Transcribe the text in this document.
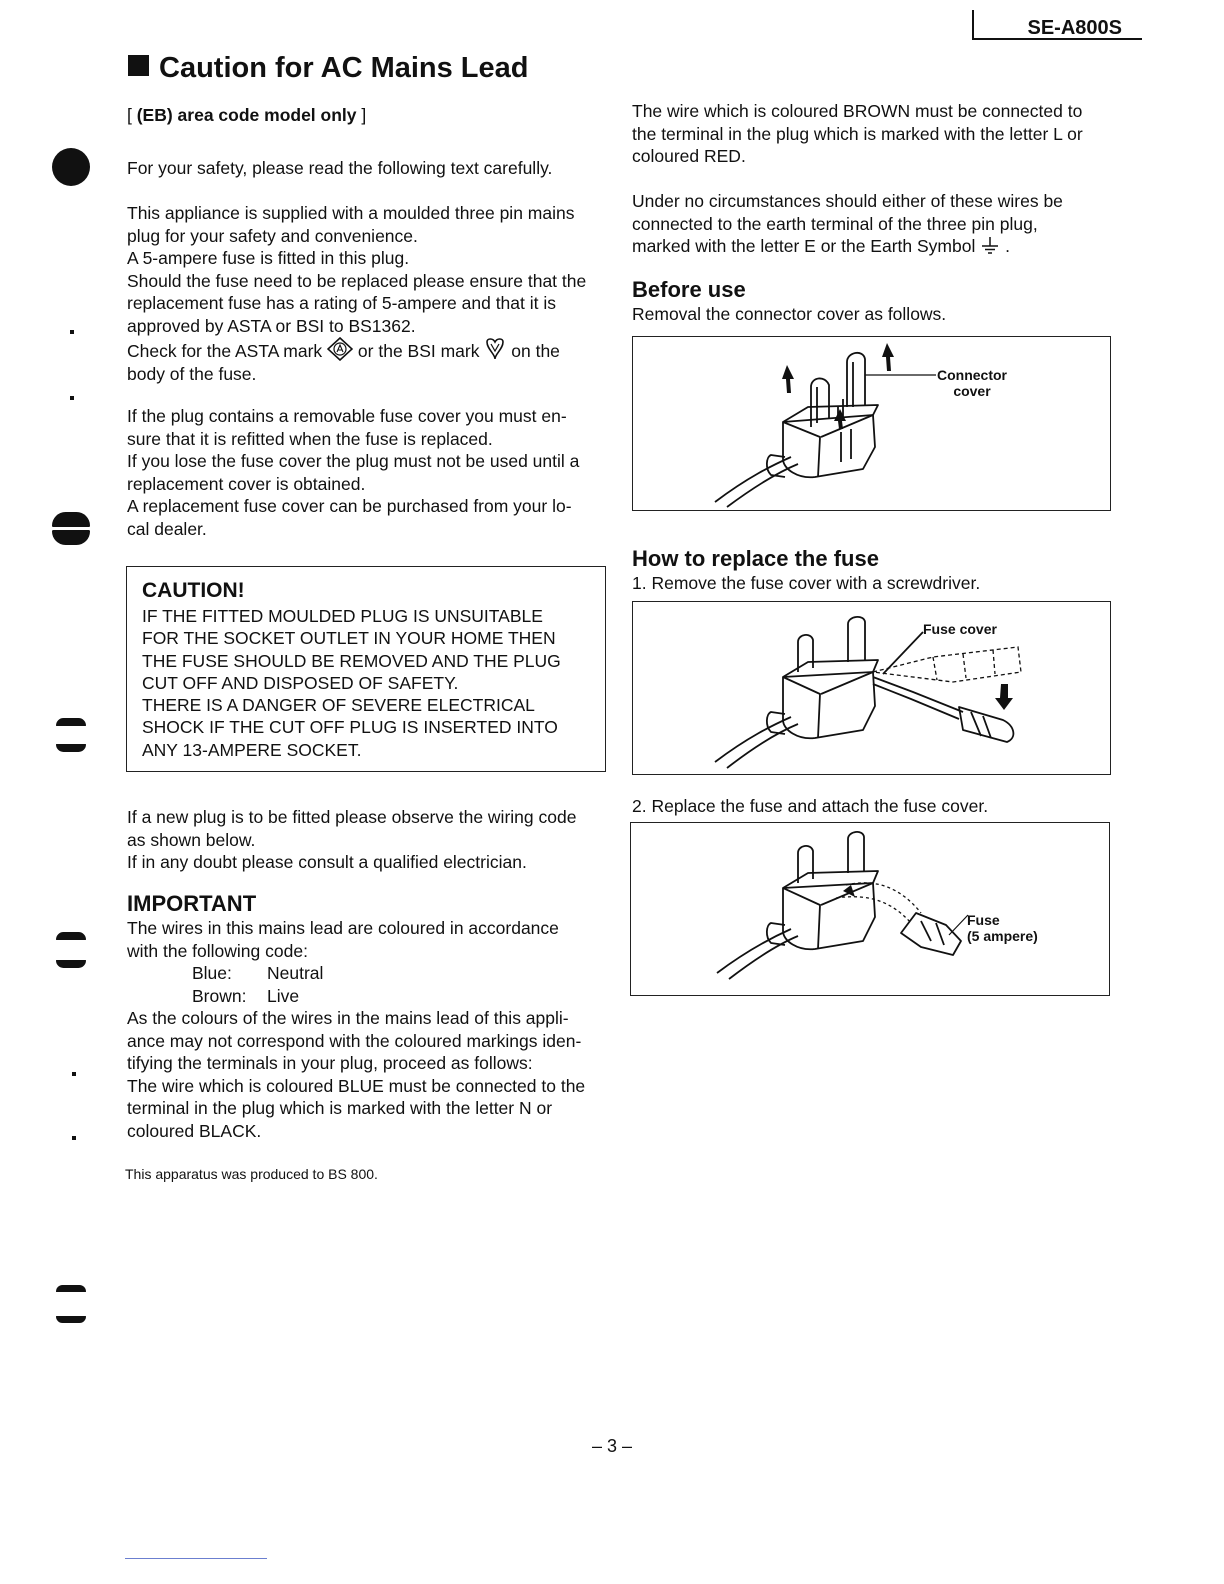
SE-A800S
Caution for AC Mains Lead
[ (EB) area code model only ]
For your safety, please read the following text carefully.
This appliance is supplied with a moulded three pin mains
plug for your safety and convenience.
A 5-ampere fuse is fitted in this plug.
Should the fuse need to be replaced please ensure that the
replacement fuse has a rating of 5-ampere and that it is
approved by ASTA or BSI to BS1362.
Check for the ASTA mark or the BSI mark on the
body of the fuse.
If the plug contains a removable fuse cover you must en-
sure that it is refitted when the fuse is replaced.
If you lose the fuse cover the plug must not be used until a
replacement cover is obtained.
A replacement fuse cover can be purchased from your lo-
cal dealer.
CAUTION!
IF THE FITTED MOULDED PLUG IS UNSUITABLE
FOR THE SOCKET OUTLET IN YOUR HOME THEN
THE FUSE SHOULD BE REMOVED AND THE PLUG
CUT OFF AND DISPOSED OF SAFETY.
THERE IS A DANGER OF SEVERE ELECTRICAL
SHOCK IF THE CUT OFF PLUG IS INSERTED INTO
ANY 13-AMPERE SOCKET.
If a new plug is to be fitted please observe the wiring code
as shown below.
If in any doubt please consult a qualified electrician.
IMPORTANT
The wires in this mains lead are coloured in accordance
with the following code:
Blue: Neutral
Brown: Live
As the colours of the wires in the mains lead of this appli-
ance may not correspond with the coloured markings iden-
tifying the terminals in your plug, proceed as follows:
The wire which is coloured BLUE must be connected to the
terminal in the plug which is marked with the letter N or
coloured BLACK.
This apparatus was produced to BS 800.
The wire which is coloured BROWN must be connected to
the terminal in the plug which is marked with the letter L or
coloured RED.
Under no circumstances should either of these wires be
connected to the earth terminal of the three pin plug,
marked with the letter E or the Earth Symbol .
Before use
Removal the connector cover as follows.
Connector
cover
How to replace the fuse
1. Remove the fuse cover with a screwdriver.
Fuse cover
2. Replace the fuse and attach the fuse cover.
Fuse
(5 ampere)
– 3 –
